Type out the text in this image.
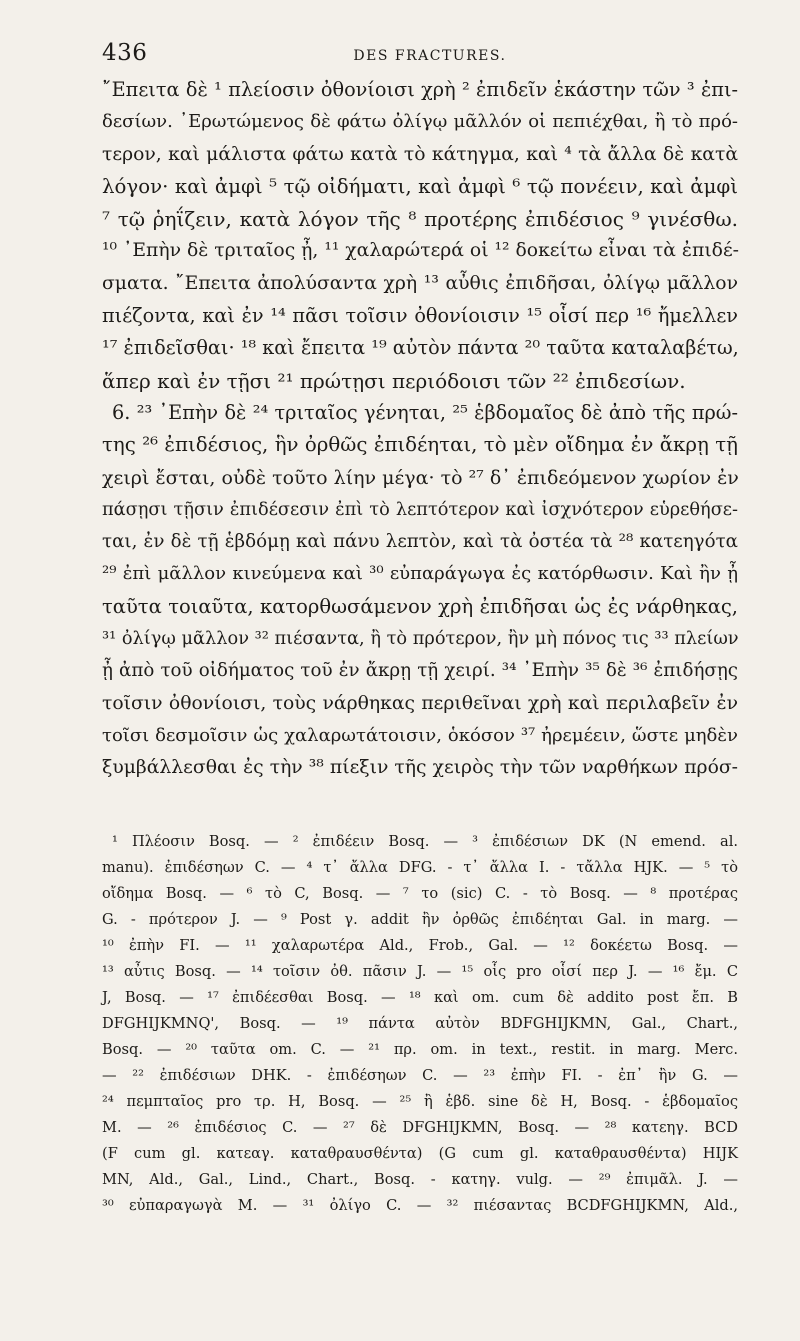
436	DES FRACTURES.
῎Επειτα δὲ ¹ πλείοσιν ὀθονίοισι χρὴ ² ἐπιδεῖν ἑκάστην τῶν ³ ἐπι-
δεσίων. ᾿Ερωτώμενος δὲ φάτω ὀλίγῳ μᾶλλόν οἱ πεπιέχθαι, ἢ τὸ πρό-
τερον, καὶ μάλιστα φάτω κατὰ τὸ κάτηγμα, καὶ ⁴ τὰ ἄλλα δὲ κατὰ
λόγον· καὶ ἀμφὶ ⁵ τῷ οἰδήματι, καὶ ἀμφὶ ⁶ τῷ πονέειν, καὶ ἀμφὶ
⁷ τῷ ῥηΐζειν, κατὰ λόγον τῆς ⁸ προτέρης ἐπιδέσιος ⁹ γινέσθω.
¹⁰ ᾿Επὴν δὲ τριταῖος ᾖ, ¹¹ χαλαρώτερά οἱ ¹² δοκείτω εἶναι τὰ ἐπιδέ-
σματα. ῎Επειτα ἀπολύσαντα χρὴ ¹³ αὖθις ἐπιδῆσαι, ὀλίγῳ μᾶλλον
πιέζοντα, καὶ ἐν ¹⁴ πᾶσι τοῖσιν ὀθονίοισιν ¹⁵ οἷσί περ ¹⁶ ἤμελλεν
¹⁷ ἐπιδεῖσθαι· ¹⁸ καὶ ἔπειτα ¹⁹ αὐτὸν πάντα ²⁰ ταῦτα καταλαβέτω,
ἅπερ καὶ ἐν τῇσι ²¹ πρώτῃσι περιόδοισι τῶν ²² ἐπιδεσίων.
6. ²³ ᾿Επὴν δὲ ²⁴ τριταῖος γένηται, ²⁵ ἑβδομαῖος δὲ ἀπὸ τῆς πρώ-
της ²⁶ ἐπιδέσιος, ἣν ὀρθῶς ἐπιδέηται, τὸ μὲν οἴδημα ἐν ἄκρῃ τῇ
χειρὶ ἔσται, οὐδὲ τοῦτο λίην μέγα· τὸ ²⁷ δ᾿ ἐπιδεόμενον χωρίον ἐν
πάσῃσι τῇσιν ἐπιδέσεσιν ἐπὶ τὸ λεπτότερον καὶ ἰσχνότερον εὑρεθήσε-
ται, ἐν δὲ τῇ ἑβδόμῃ καὶ πάνυ λεπτὸν, καὶ τὰ ὀστέα τὰ ²⁸ κατεηγότα
²⁹ ἐπὶ μᾶλλον κινεύμενα καὶ ³⁰ εὐπαράγωγα ἐς κατόρθωσιν. Καὶ ἢν ᾖ
ταῦτα τοιαῦτα, κατορθωσάμενον χρὴ ἐπιδῆσαι ὡς ἐς νάρθηκας,
³¹ ὀλίγῳ μᾶλλον ³² πιέσαντα, ἢ τὸ πρότερον, ἢν μὴ πόνος τις ³³ πλείων
ᾖ ἀπὸ τοῦ οἰδήματος τοῦ ἐν ἄκρῃ τῇ χειρί. ³⁴ ᾿Επὴν ³⁵ δὲ ³⁶ ἐπιδήσῃς
τοῖσιν ὀθονίοισι, τοὺς νάρθηκας περιθεῖναι χρὴ καὶ περιλαβεῖν ἐν
τοῖσι δεσμοῖσιν ὡς χαλαρωτάτοισιν, ὁκόσον ³⁷ ἠρεμέειν, ὥστε μηδὲν
ξυμβάλλεσθαι ἐς τὴν ³⁸ πίεξιν τῆς χειρὸς τὴν τῶν ναρθήκων πρόσ-
¹ Πλέοσιν Bosq. — ² ἐπιδέειν Bosq. — ³ ἐπιδέσιων DK (N emend. al.
manu). ἐπιδέσηων C. — ⁴ τ᾿ ἄλλα DFG. - τ᾿ ἄλλα I. - τἄλλα HJK. — ⁵ τὸ
οἴδημα Bosq. — ⁶ τὸ C, Bosq. — ⁷ το (sic) C. - τὸ Bosq. — ⁸ προτέρας
G. - πρότερον J. — ⁹ Post γ. addit ἢν ὀρθῶς ἐπιδέηται Gal. in marg. —
¹⁰ ἐπὴν FI. — ¹¹ χαλαρωτέρα Ald., Frob., Gal. — ¹² δοκέετω Bosq. —
¹³ αὖτις Bosq. — ¹⁴ τοῖσιν ὀθ. πᾶσιν J. — ¹⁵ οἷς pro οἷσί περ J. — ¹⁶ ἔμ. C
J, Bosq. — ¹⁷ ἐπιδέεσθαι Bosq. — ¹⁸ καὶ om. cum δὲ addito post ἔπ. B
DFGHIJKMNQ', Bosq. — ¹⁹ πάντα αὐτὸν BDFGHIJKMN, Gal., Chart.,
Bosq. — ²⁰ ταῦτα om. C. — ²¹ πρ. om. in text., restit. in marg. Merc.
— ²² ἐπιδέσιων DHK. - ἐπιδέσηων C. — ²³ ἐπὴν FI. - ἐπ᾿ ἢν G. —
²⁴ πεμπταῖος pro τρ. H, Bosq. — ²⁵ ἢ ἑβδ. sine δὲ H, Bosq. - ἑβδομαῖος
M. — ²⁶ ἐπιδέσιος C. — ²⁷ δὲ DFGHIJKMN, Bosq. — ²⁸ κατεηγ. BCD
(F cum gl. κατεαγ. καταθραυσθέντα) (G cum gl. καταθραυσθέντα) HIJK
MN, Ald., Gal., Lind., Chart., Bosq. - κατηγ. vulg. — ²⁹ ἐπιμᾶλ. J. —
³⁰ εὐπαραγωγὰ M. — ³¹ ὀλίγο C. — ³² πιέσαντας BCDFGHIJKMN, Ald.,
